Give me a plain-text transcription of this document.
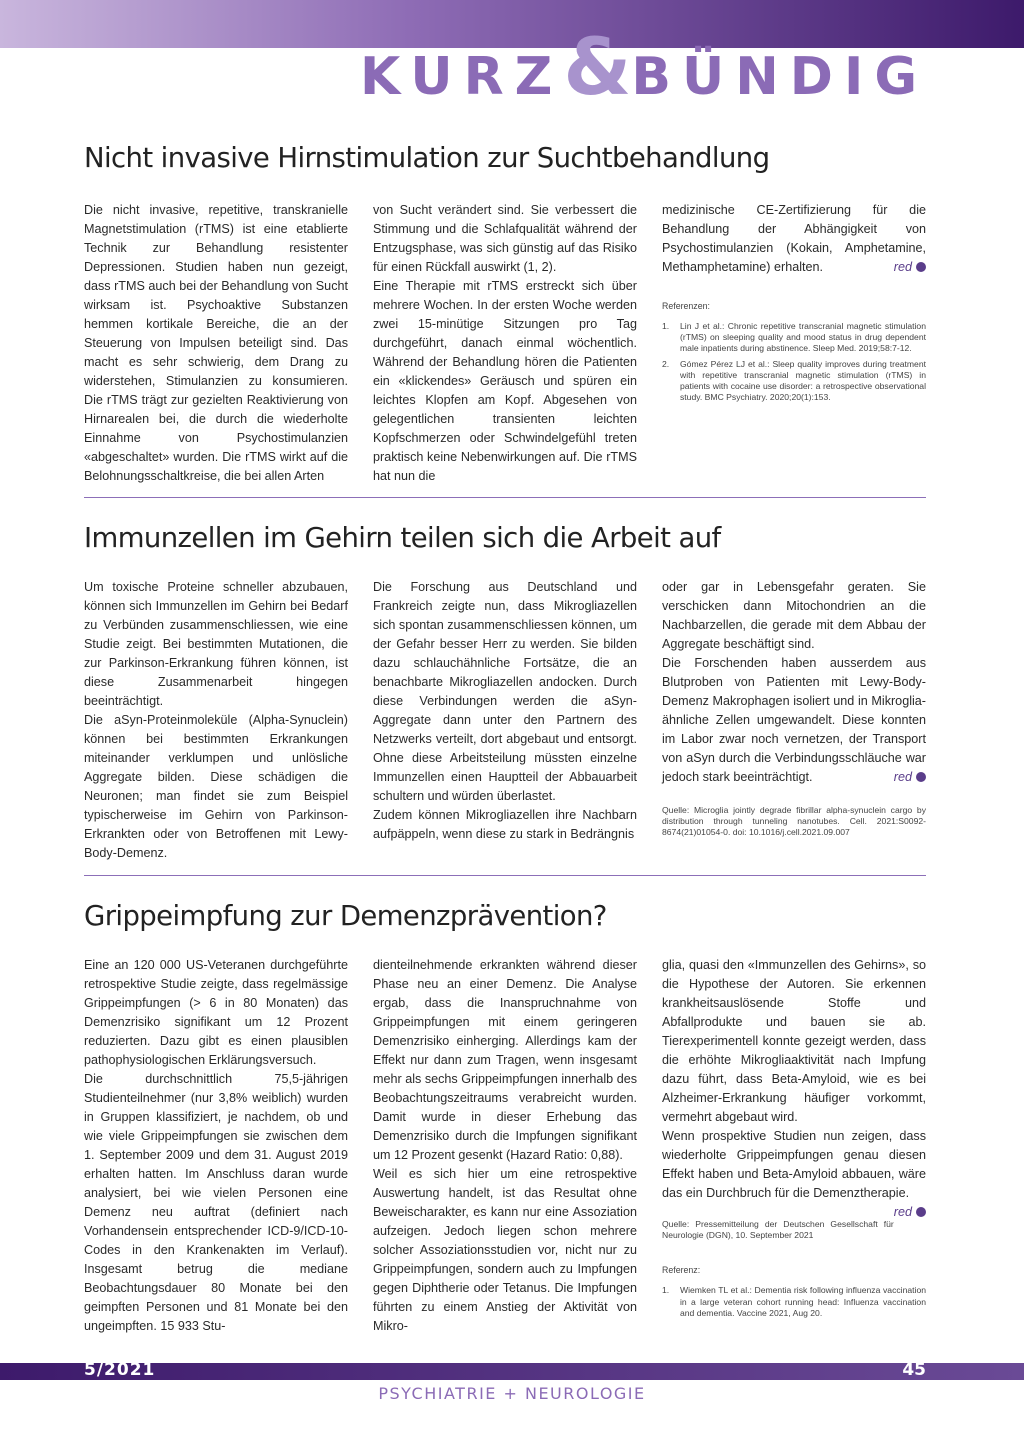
KURZ&BÜNDIG
Nicht invasive Hirnstimulation zur Suchtbehandlung

Die nicht invasive, repetitive, transkranielle Magnetstimulation (rTMS) ist eine etablierte Technik zur Behandlung resistenter Depressionen. Studien haben nun gezeigt, dass rTMS auch bei der Behandlung von Sucht wirksam ist. Psychoaktive Substanzen hemmen kortikale Bereiche, die an der Steuerung von Impulsen beteiligt sind. Das macht es sehr schwierig, dem Drang zu widerstehen, Stimulanzien zu konsumieren. Die rTMS trägt zur gezielten Reaktivierung von Hirnarealen bei, die durch die wiederholte Einnahme von Psychostimulanzien «abgeschaltet» wurden. Die rTMS wirkt auf die Belohnungsschaltkreise, die bei allen Arten

von Sucht verändert sind. Sie verbessert die Stimmung und die Schlafqualität während der Entzugsphase, was sich günstig auf das Risiko für einen Rückfall auswirkt (1, 2).

Eine Therapie mit rTMS erstreckt sich über mehrere Wochen. In der ersten Woche werden zwei 15-minütige Sitzungen pro Tag durchgeführt, danach einmal wöchentlich. Während der Behandlung hören die Patienten ein «klickendes» Geräusch und spüren ein leichtes Klopfen am Kopf. Abgesehen von gelegentlichen transienten leichten Kopfschmerzen oder Schwindelgefühl treten praktisch keine Nebenwirkungen auf. Die rTMS hat nun die

medizinische CE-Zertifizierung für die Behandlung der Abhängigkeit von Psychostimulanzien (Kokain, Amphetamine, Methamphetamine) erhalten.	red

Referenzen:
1.	Lin J et al.: Chronic repetitive transcranial magnetic stimulation (rTMS) on sleeping quality and mood status in drug dependent male inpatients during abstinence. Sleep Med. 2019;58:7-12.
2.	Gómez Pérez LJ et al.: Sleep quality improves during treatment with repetitive transcranial magnetic stimulation (rTMS) in patients with cocaine use disorder: a retrospective observational study. BMC Psychiatry. 2020;20(1):153.
Immunzellen im Gehirn teilen sich die Arbeit auf

Um toxische Proteine schneller abzubauen, können sich Immunzellen im Gehirn bei Bedarf zu Verbünden zusammenschliessen, wie eine Studie zeigt. Bei bestimmten Mutationen, die zur Parkinson-Erkrankung führen können, ist diese Zusammenarbeit hingegen beeinträchtigt.

Die aSyn-Proteinmoleküle (Alpha-Synuclein) können bei bestimmten Erkrankungen miteinander verklumpen und unlösliche Aggregate bilden. Diese schädigen die Neuronen; man findet sie zum Beispiel typischerweise im Gehirn von Parkinson-Erkrankten oder von Betroffenen mit Lewy-Body-Demenz.

Die Forschung aus Deutschland und Frankreich zeigte nun, dass Mikrogliazellen sich spontan zusammenschliessen können, um der Gefahr besser Herr zu werden. Sie bilden dazu schlauchähnliche Fortsätze, die an benachbarte Mikrogliazellen andocken. Durch diese Verbindungen werden die aSyn-Aggregate dann unter den Partnern des Netzwerks verteilt, dort abgebaut und entsorgt. Ohne diese Arbeitsteilung müssten einzelne Immunzellen einen Hauptteil der Abbauarbeit schultern und würden überlastet.

Zudem können Mikrogliazellen ihre Nachbarn aufpäppeln, wenn diese zu stark in Bedrängnis

oder gar in Lebensgefahr geraten. Sie verschicken dann Mitochondrien an die Nachbarzellen, die gerade mit dem Abbau der Aggregate beschäftigt sind.

Die Forschenden haben ausserdem aus Blutproben von Patienten mit Lewy-Body-Demenz Makrophagen isoliert und in Mikroglia-ähnliche Zellen umgewandelt. Diese konnten im Labor zwar noch vernetzen, der Transport von aSyn durch die Verbindungsschläuche war jedoch stark beeinträchtigt.	red

Quelle: Microglia jointly degrade fibrillar alpha-synuclein cargo by distribution through tunneling nanotubes. Cell. 2021:S0092-8674(21)01054-0. doi: 10.1016/j.cell.2021.09.007
Grippeimpfung zur Demenzprävention?

Eine an 120 000 US-Veteranen durchgeführte retrospektive Studie zeigte, dass regelmässige Grippeimpfungen (> 6 in 80 Monaten) das Demenzrisiko signifikant um 12 Prozent reduzierten. Dazu gibt es einen plausiblen pathophysiologischen Erklärungsversuch.

Die durchschnittlich 75,5-jährigen Studienteilnehmer (nur 3,8% weiblich) wurden in Gruppen klassifiziert, je nachdem, ob und wie viele Grippeimpfungen sie zwischen dem 1. September 2009 und dem 31. August 2019 erhalten hatten. Im Anschluss daran wurde analysiert, bei wie vielen Personen eine Demenz neu auftrat (definiert nach Vorhandensein entsprechender ICD-9/ICD-10-Codes in den Krankenakten im Verlauf). Insgesamt betrug die mediane Beobachtungsdauer 80 Monate bei den geimpften Personen und 81 Monate bei den ungeimpften. 15 933 Stu-

dienteilnehmende erkrankten während dieser Phase neu an einer Demenz. Die Analyse ergab, dass die Inanspruchnahme von Grippeimpfungen mit einem geringeren Demenzrisiko einherging. Allerdings kam der Effekt nur dann zum Tragen, wenn insgesamt mehr als sechs Grippeimpfungen innerhalb des Beobachtungszeitraums verabreicht wurden. Damit wurde in dieser Erhebung das Demenzrisiko durch die Impfungen signifikant um 12 Prozent gesenkt (Hazard Ratio: 0,88).

Weil es sich hier um eine retrospektive Auswertung handelt, ist das Resultat ohne Beweischarakter, es kann nur eine Assoziation aufzeigen. Jedoch liegen schon mehrere solcher Assoziationsstudien vor, nicht nur zu Grippeimpfungen, sondern auch zu Impfungen gegen Diphtherie oder Tetanus. Die Impfungen führten zu einem Anstieg der Aktivität von Mikro-

glia, quasi den «Immunzellen des Gehirns», so die Hypothese der Autoren. Sie erkennen krankheitsauslösende Stoffe und Abfallprodukte und bauen sie ab. Tierexperimentell konnte gezeigt werden, dass die erhöhte Mikrogliaaktivität nach Impfung dazu führt, dass Beta-Amyloid, wie es bei Alzheimer-Erkrankung häufiger vorkommt, vermehrt abgebaut wird.

Wenn prospektive Studien nun zeigen, dass wiederholte Grippeimpfungen genau diesen Effekt haben und Beta-Amyloid abbauen, wäre das ein Durchbruch für die Demenztherapie.
red

Quelle: Pressemitteilung der Deutschen Gesellschaft für Neurologie (DGN), 10. September 2021
Referenz:
1.	Wiemken TL et al.: Dementia risk following influenza vaccination in a large veteran cohort running head: Influenza vaccination and dementia. Vaccine 2021, Aug 20.
5/2021	45
PSYCHIATRIE + NEUROLOGIE
